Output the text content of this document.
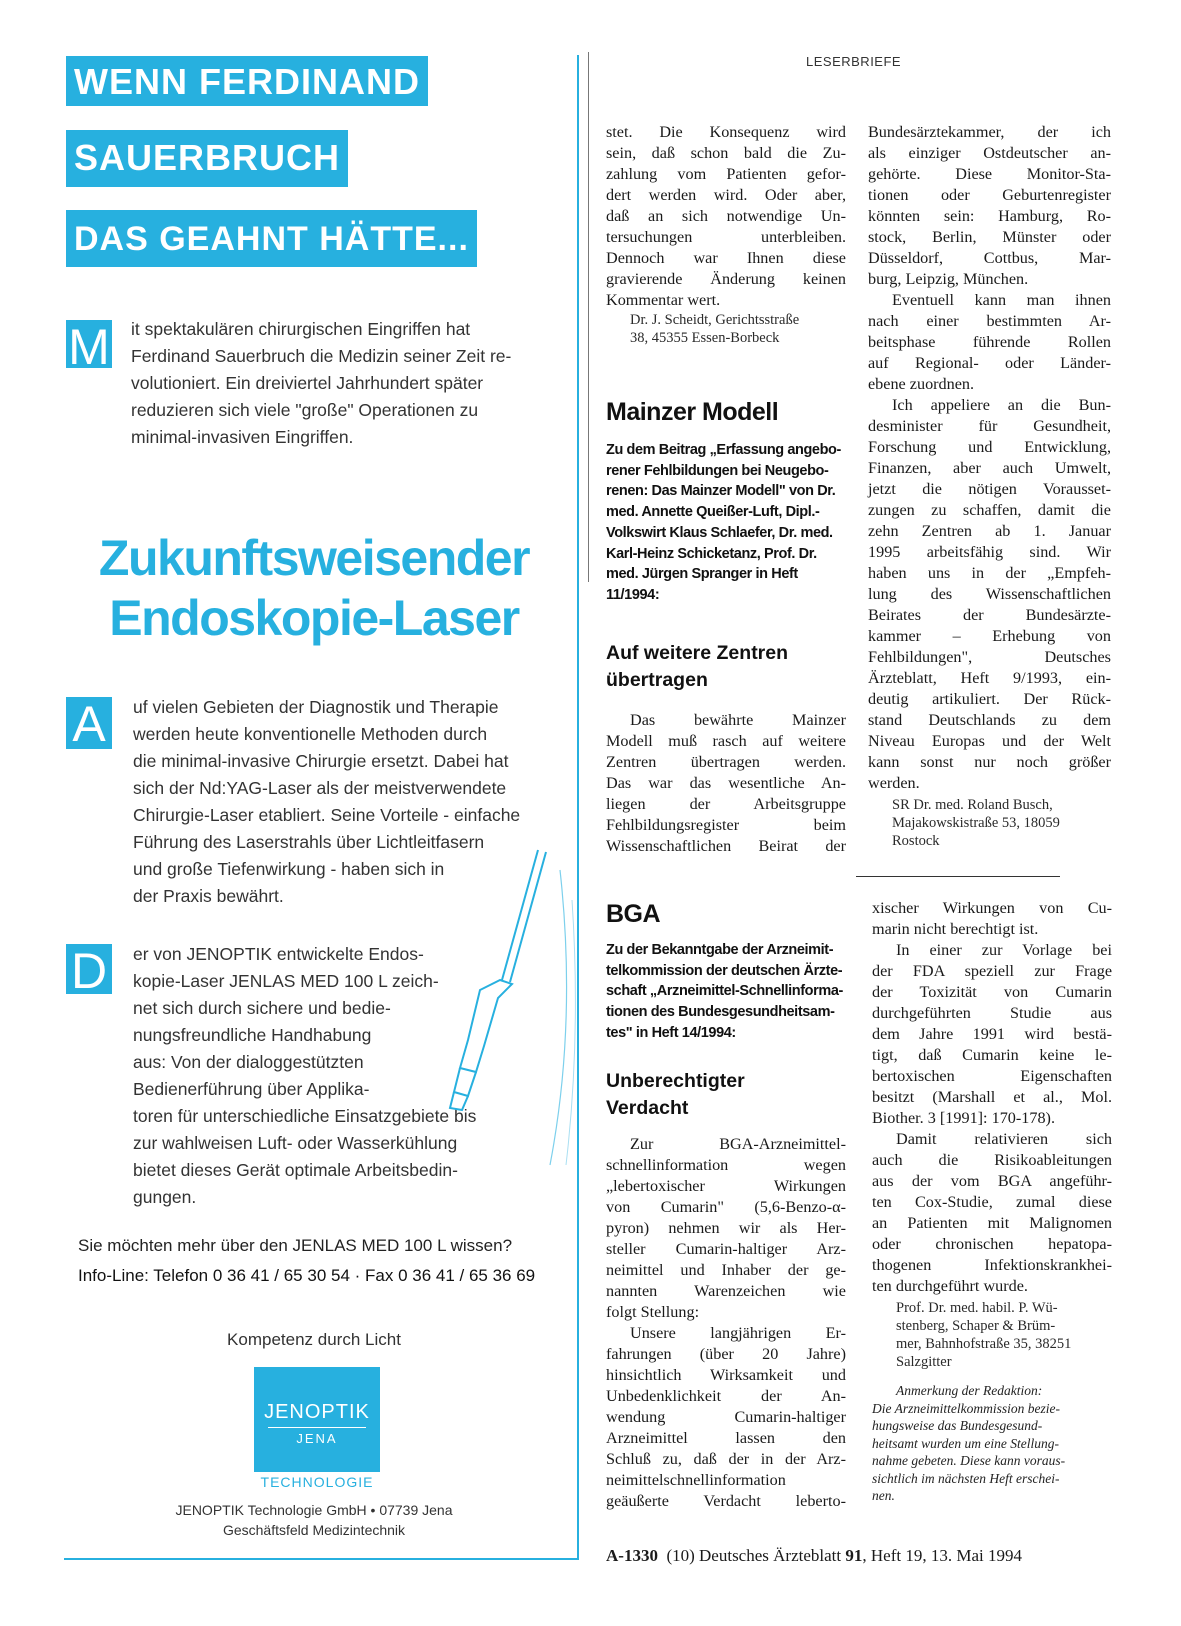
WENN FERDINAND
SAUERBRUCH
DAS GEAHNT HÄTTE...
M it spektakulären chirurgischen Eingriffen hat

Ferdinand Sauerbruch die Medizin seiner Zeit re-

volutioniert. Ein dreiviertel Jahrhundert später

reduzieren sich viele "große" Operationen zu

minimal-invasiven Eingriffen.

Zukunftsweisender
Endoskopie-Laser
A	uf vielen Gebieten der Diagnostik und Therapie

werden heute konventionelle Methoden durch

die minimal-invasive Chirurgie ersetzt. Dabei hat

sich der Nd:YAG-Laser als der meistverwendete

Chirurgie-Laser etabliert. Seine Vorteile - einfache

Führung des Laserstrahls über Lichtleitfasern

und große Tiefenwirkung - haben sich in

der Praxis bewährt.

D er von JENOPTIK entwickelte Endos-

kopie-Laser JENLAS MED 100 L zeich-

net sich durch sichere und bedie-

nungsfreundliche Handhabung

aus: Von der dialoggestützten

Bedienerführung über Applika-

toren für unterschiedliche Einsatzgebiete bis

zur wahlweisen Luft- oder Wasserkühlung

bietet dieses Gerät optimale Arbeitsbedin-

gungen.

Sie möchten mehr über den JENLAS MED 100 L wissen?
Info-Line: Telefon 0 36 41 / 65 30 54 · Fax 0 36 41 / 65 36 69
Kompetenz durch Licht
JENOPTIK
JENA
TECHNOLOGIE
JENOPTIK Technologie GmbH • 07739 Jena
Geschäftsfeld Medizintechnik
LESERBRIEFE

stet. Die Konsequenz wird

sein, daß schon bald die Zu-

zahlung vom Patienten gefor-

dert werden wird. Oder aber,

daß an sich notwendige Un-

tersuchungen unterbleiben.

Dennoch war Ihnen diese

gravierende Änderung keinen

Kommentar wert.

Dr. J. Scheidt, Gerichtsstraße

38, 45355 Essen-Borbeck

Mainzer Modell

Zu dem Beitrag „Erfassung angebo-

rener Fehlbildungen bei Neugebo-

renen: Das Mainzer Modell" von Dr.

med. Annette Queißer-Luft, Dipl.-

Volkswirt Klaus Schlaefer, Dr. med.

Karl-Heinz Schicketanz, Prof. Dr.

med. Jürgen Spranger in Heft

11/1994:

Auf weitere Zentren

übertragen

Das bewährte Mainzer

Modell muß rasch auf weitere

Zentren übertragen werden.

Das war das wesentliche An-

liegen der Arbeitsgruppe

Fehlbildungsregister beim

Wissenschaftlichen Beirat der

Bundesärztekammer, der ich

als einziger Ostdeutscher an-

gehörte. Diese Monitor-Sta-

tionen oder Geburtenregister

könnten sein: Hamburg, Ro-

stock, Berlin, Münster oder

Düsseldorf, Cottbus, Mar-

burg, Leipzig, München.

Eventuell kann man ihnen

nach einer bestimmten Ar-

beitsphase führende Rollen

auf Regional- oder Länder-

ebene zuordnen.

Ich appeliere an die Bun-

desminister für Gesundheit,

Forschung und Entwicklung,

Finanzen, aber auch Umwelt,

jetzt die nötigen Vorausset-

zungen zu schaffen, damit die

zehn Zentren ab 1. Januar

1995 arbeitsfähig sind. Wir

haben uns in der „Empfeh-

lung des Wissenschaftlichen

Beirates der Bundesärzte-

kammer – Erhebung von

Fehlbildungen", Deutsches

Ärzteblatt, Heft 9/1993, ein-

deutig artikuliert. Der Rück-

stand Deutschlands zu dem

Niveau Europas und der Welt

kann sonst nur noch größer

werden.

SR Dr. med. Roland Busch,

Majakowskistraße 53, 18059

Rostock

BGA

Zu der Bekanntgabe der Arzneimit-

telkommission der deutschen Ärzte-

schaft „Arzneimittel-Schnellinforma-

tionen des Bundesgesundheitsam-

tes" in Heft 14/1994:

Unberechtigter

Verdacht

Zur BGA-Arzneimittel-

schnellinformation wegen

„lebertoxischer Wirkungen

von Cumarin" (5,6-Benzo-α-

pyron) nehmen wir als Her-

steller Cumarin-haltiger Arz-

neimittel und Inhaber der ge-

nannten Warenzeichen wie

folgt Stellung:

Unsere langjährigen Er-

fahrungen (über 20 Jahre)

hinsichtlich Wirksamkeit und

Unbedenklichkeit der An-

wendung Cumarin-haltiger

Arzneimittel lassen den

Schluß zu, daß der in der Arz-

neimittelschnellinformation

geäußerte Verdacht leberto-

xischer Wirkungen von Cu-

marin nicht berechtigt ist.

In einer zur Vorlage bei

der FDA speziell zur Frage

der Toxizität von Cumarin

durchgeführten Studie aus

dem Jahre 1991 wird bestä-

tigt, daß Cumarin keine le-

bertoxischen Eigenschaften

besitzt (Marshall et al., Mol.

Biother. 3 [1991]: 170-178).

Damit relativieren sich

auch die Risikoableitungen

aus der vom BGA angeführ-

ten Cox-Studie, zumal diese

an Patienten mit Malignomen

oder chronischen hepatopa-

thogenen Infektionskrankhei-

ten durchgeführt wurde.

Prof. Dr. med. habil. P. Wü-

stenberg, Schaper & Brüm-

mer, Bahnhofstraße 35, 38251

Salzgitter

Anmerkung der Redaktion:

Die Arzneimittelkommission bezie-

hungsweise das Bundesgesund-

heitsamt wurden um eine Stellung-

nahme gebeten. Diese kann voraus-

sichtlich im nächsten Heft erschei-

nen.

A-1330 (10) Deutsches Ärzteblatt 91, Heft 19, 13. Mai 1994
